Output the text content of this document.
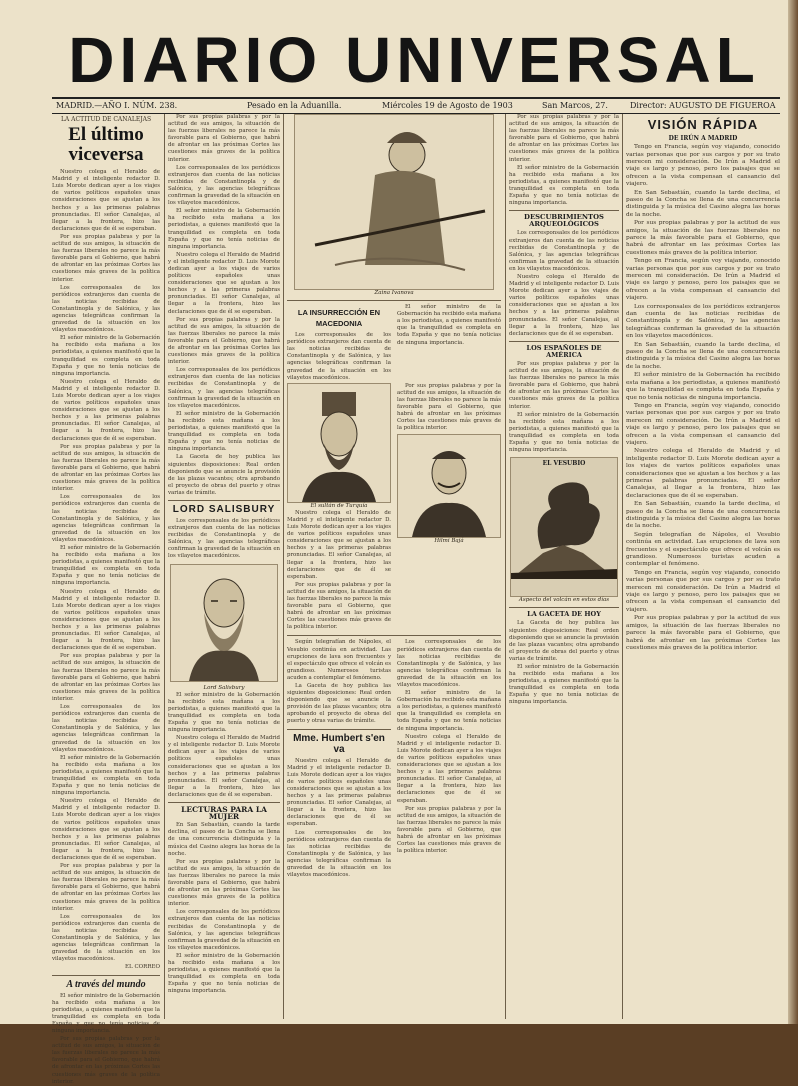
DIARIO UNIVERSAL
MADRID.—AÑO I. NÚM. 238.	Pesado en la Aduanilla.	Miércoles 19 de Agosto de 1903	San Marcos, 27.	Director: AUGUSTO DE FIGUEROA
LA ACTITUD DE CANALEJAS
El último viceversa

Nuestro colega el Heraldo de Madrid y el inteligente redactor D. Luis Morote dedican ayer a los viajes de varios políticos españoles unas consideraciones que se ajustan a los hechos y a las primeras palabras pronunciadas. El señor Canalejas, al llegar a la frontera, hizo las declaraciones que de él se esperaban.

Por sus propias palabras y por la actitud de sus amigos, la situación de las fuerzas liberales no parece la más favorable para el Gobierno, que habrá de afrontar en las próximas Cortes las cuestiones más graves de la política interior.

Los corresponsales de los periódicos extranjeros dan cuenta de las noticias recibidas de Constantinopla y de Salónica, y las agencias telegráficas confirman la gravedad de la situación en los vilayetos macedónicos.

El señor ministro de la Gobernación ha recibido esta mañana a los periodistas, a quienes manifestó que la tranquilidad es completa en toda España y que no tenía noticias de ninguna importancia.

Nuestro colega el Heraldo de Madrid y el inteligente redactor D. Luis Morote dedican ayer a los viajes de varios políticos españoles unas consideraciones que se ajustan a los hechos y a las primeras palabras pronunciadas. El señor Canalejas, al llegar a la frontera, hizo las declaraciones que de él se esperaban.

Por sus propias palabras y por la actitud de sus amigos, la situación de las fuerzas liberales no parece la más favorable para el Gobierno, que habrá de afrontar en las próximas Cortes las cuestiones más graves de la política interior.

Los corresponsales de los periódicos extranjeros dan cuenta de las noticias recibidas de Constantinopla y de Salónica, y las agencias telegráficas confirman la gravedad de la situación en los vilayetos macedónicos.

El señor ministro de la Gobernación ha recibido esta mañana a los periodistas, a quienes manifestó que la tranquilidad es completa en toda España y que no tenía noticias de ninguna importancia.

Nuestro colega el Heraldo de Madrid y el inteligente redactor D. Luis Morote dedican ayer a los viajes de varios políticos españoles unas consideraciones que se ajustan a los hechos y a las primeras palabras pronunciadas. El señor Canalejas, al llegar a la frontera, hizo las declaraciones que de él se esperaban.

Por sus propias palabras y por la actitud de sus amigos, la situación de las fuerzas liberales no parece la más favorable para el Gobierno, que habrá de afrontar en las próximas Cortes las cuestiones más graves de la política interior.

Los corresponsales de los periódicos extranjeros dan cuenta de las noticias recibidas de Constantinopla y de Salónica, y las agencias telegráficas confirman la gravedad de la situación en los vilayetos macedónicos.

El señor ministro de la Gobernación ha recibido esta mañana a los periodistas, a quienes manifestó que la tranquilidad es completa en toda España y que no tenía noticias de ninguna importancia.

Nuestro colega el Heraldo de Madrid y el inteligente redactor D. Luis Morote dedican ayer a los viajes de varios políticos españoles unas consideraciones que se ajustan a los hechos y a las primeras palabras pronunciadas. El señor Canalejas, al llegar a la frontera, hizo las declaraciones que de él se esperaban.

Por sus propias palabras y por la actitud de sus amigos, la situación de las fuerzas liberales no parece la más favorable para el Gobierno, que habrá de afrontar en las próximas Cortes las cuestiones más graves de la política interior.

Los corresponsales de los periódicos extranjeros dan cuenta de las noticias recibidas de Constantinopla y de Salónica, y las agencias telegráficas confirman la gravedad de la situación en los vilayetos macedónicos.

EL CORREO
A través del mundo

El señor ministro de la Gobernación ha recibido esta mañana a los periodistas, a quienes manifestó que la tranquilidad es completa en toda España y que no tenía noticias de ninguna importancia.

Por sus propias palabras y por la actitud de sus amigos, la situación de las fuerzas liberales no parece la más favorable para el Gobierno, que habrá de afrontar en las próximas Cortes las cuestiones más graves de la política interior.

Por sus propias palabras y por la actitud de sus amigos, la situación de las fuerzas liberales no parece la más favorable para el Gobierno, que habrá de afrontar en las próximas Cortes las cuestiones más graves de la política interior.

Los corresponsales de los periódicos extranjeros dan cuenta de las noticias recibidas de Constantinopla y de Salónica, y las agencias telegráficas confirman la gravedad de la situación en los vilayetos macedónicos.

El señor ministro de la Gobernación ha recibido esta mañana a los periodistas, a quienes manifestó que la tranquilidad es completa en toda España y que no tenía noticias de ninguna importancia.

Nuestro colega el Heraldo de Madrid y el inteligente redactor D. Luis Morote dedican ayer a los viajes de varios políticos españoles unas consideraciones que se ajustan a los hechos y a las primeras palabras pronunciadas. El señor Canalejas, al llegar a la frontera, hizo las declaraciones que de él se esperaban.

Por sus propias palabras y por la actitud de sus amigos, la situación de las fuerzas liberales no parece la más favorable para el Gobierno, que habrá de afrontar en las próximas Cortes las cuestiones más graves de la política interior.

Los corresponsales de los periódicos extranjeros dan cuenta de las noticias recibidas de Constantinopla y de Salónica, y las agencias telegráficas confirman la gravedad de la situación en los vilayetos macedónicos.

El señor ministro de la Gobernación ha recibido esta mañana a los periodistas, a quienes manifestó que la tranquilidad es completa en toda España y que no tenía noticias de ninguna importancia.

La Gaceta de hoy publica las siguientes disposiciones: Real orden disponiendo que se anuncie la provisión de las plazas vacantes; otra aprobando el proyecto de obras del puerto y otras varias de trámite.

LORD SALISBURY

Los corresponsales de los periódicos extranjeros dan cuenta de las noticias recibidas de Constantinopla y de Salónica, y las agencias telegráficas confirman la gravedad de la situación en los vilayetos macedónicos.

Lord Salisbury

El señor ministro de la Gobernación ha recibido esta mañana a los periodistas, a quienes manifestó que la tranquilidad es completa en toda España y que no tenía noticias de ninguna importancia.

Nuestro colega el Heraldo de Madrid y el inteligente redactor D. Luis Morote dedican ayer a los viajes de varios políticos españoles unas consideraciones que se ajustan a los hechos y a las primeras palabras pronunciadas. El señor Canalejas, al llegar a la frontera, hizo las declaraciones que de él se esperaban.

LECTURAS PARA LA MUJER

En San Sebastián, cuando la tarde declina, el paseo de la Concha se llena de una concurrencia distinguida y la música del Casino alegra las horas de la noche.

Por sus propias palabras y por la actitud de sus amigos, la situación de las fuerzas liberales no parece la más favorable para el Gobierno, que habrá de afrontar en las próximas Cortes las cuestiones más graves de la política interior.

Los corresponsales de los periódicos extranjeros dan cuenta de las noticias recibidas de Constantinopla y de Salónica, y las agencias telegráficas confirman la gravedad de la situación en los vilayetos macedónicos.

El señor ministro de la Gobernación ha recibido esta mañana a los periodistas, a quienes manifestó que la tranquilidad es completa en toda España y que no tenía noticias de ninguna importancia.

Zaina Ivanova
LA INSURRECCIÓN EN MACEDONIA

Los corresponsales de los periódicos extranjeros dan cuenta de las noticias recibidas de Constantinopla y de Salónica, y las agencias telegráficas confirman la gravedad de la situación en los vilayetos macedónicos.

El señor ministro de la Gobernación ha recibido esta mañana a los periodistas, a quienes manifestó que la tranquilidad es completa en toda España y que no tenía noticias de ninguna importancia.

El sultán de Turquía

Nuestro colega el Heraldo de Madrid y el inteligente redactor D. Luis Morote dedican ayer a los viajes de varios políticos españoles unas consideraciones que se ajustan a los hechos y a las primeras palabras pronunciadas. El señor Canalejas, al llegar a la frontera, hizo las declaraciones que de él se esperaban.

Por sus propias palabras y por la actitud de sus amigos, la situación de las fuerzas liberales no parece la más favorable para el Gobierno, que habrá de afrontar en las próximas Cortes las cuestiones más graves de la política interior.

Por sus propias palabras y por la actitud de sus amigos, la situación de las fuerzas liberales no parece la más favorable para el Gobierno, que habrá de afrontar en las próximas Cortes las cuestiones más graves de la política interior.

Hilmi Bajá

Según telegrafían de Nápoles, el Vesubio continúa en actividad. Las erupciones de lava son frecuentes y el espectáculo que ofrece el volcán es grandioso. Numerosos turistas acuden a contemplar el fenómeno.

La Gaceta de hoy publica las siguientes disposiciones: Real orden disponiendo que se anuncie la provisión de las plazas vacantes; otra aprobando el proyecto de obras del puerto y otras varias de trámite.

Mme. Humbert s'en va

Nuestro colega el Heraldo de Madrid y el inteligente redactor D. Luis Morote dedican ayer a los viajes de varios políticos españoles unas consideraciones que se ajustan a los hechos y a las primeras palabras pronunciadas. El señor Canalejas, al llegar a la frontera, hizo las declaraciones que de él se esperaban.

Los corresponsales de los periódicos extranjeros dan cuenta de las noticias recibidas de Constantinopla y de Salónica, y las agencias telegráficas confirman la gravedad de la situación en los vilayetos macedónicos.

Los corresponsales de los periódicos extranjeros dan cuenta de las noticias recibidas de Constantinopla y de Salónica, y las agencias telegráficas confirman la gravedad de la situación en los vilayetos macedónicos.

El señor ministro de la Gobernación ha recibido esta mañana a los periodistas, a quienes manifestó que la tranquilidad es completa en toda España y que no tenía noticias de ninguna importancia.

Nuestro colega el Heraldo de Madrid y el inteligente redactor D. Luis Morote dedican ayer a los viajes de varios políticos españoles unas consideraciones que se ajustan a los hechos y a las primeras palabras pronunciadas. El señor Canalejas, al llegar a la frontera, hizo las declaraciones que de él se esperaban.

Por sus propias palabras y por la actitud de sus amigos, la situación de las fuerzas liberales no parece la más favorable para el Gobierno, que habrá de afrontar en las próximas Cortes las cuestiones más graves de la política interior.

Por sus propias palabras y por la actitud de sus amigos, la situación de las fuerzas liberales no parece la más favorable para el Gobierno, que habrá de afrontar en las próximas Cortes las cuestiones más graves de la política interior.

El señor ministro de la Gobernación ha recibido esta mañana a los periodistas, a quienes manifestó que la tranquilidad es completa en toda España y que no tenía noticias de ninguna importancia.

DESCUBRIMIENTOS ARQUEOLÓGICOS

Los corresponsales de los periódicos extranjeros dan cuenta de las noticias recibidas de Constantinopla y de Salónica, y las agencias telegráficas confirman la gravedad de la situación en los vilayetos macedónicos.

Nuestro colega el Heraldo de Madrid y el inteligente redactor D. Luis Morote dedican ayer a los viajes de varios políticos españoles unas consideraciones que se ajustan a los hechos y a las primeras palabras pronunciadas. El señor Canalejas, al llegar a la frontera, hizo las declaraciones que de él se esperaban.

LOS ESPAÑOLES DE AMÉRICA

Por sus propias palabras y por la actitud de sus amigos, la situación de las fuerzas liberales no parece la más favorable para el Gobierno, que habrá de afrontar en las próximas Cortes las cuestiones más graves de la política interior.

El señor ministro de la Gobernación ha recibido esta mañana a los periodistas, a quienes manifestó que la tranquilidad es completa en toda España y que no tenía noticias de ninguna importancia.

EL VESUBIO
Aspecto del volcán en estos días
LA GACETA DE HOY

La Gaceta de hoy publica las siguientes disposiciones: Real orden disponiendo que se anuncie la provisión de las plazas vacantes; otra aprobando el proyecto de obras del puerto y otras varias de trámite.

El señor ministro de la Gobernación ha recibido esta mañana a los periodistas, a quienes manifestó que la tranquilidad es completa en toda España y que no tenía noticias de ninguna importancia.

VISIÓN RÁPIDA
DE IRÚN A MADRID

Tengo en Francia, según voy viajando, conocido varias personas que por sus cargos y por su trato merecen mi consideración. De Irún a Madrid el viaje es largo y penoso, pero los paisajes que se ofrecen a la vista compensan el cansancio del viajero.

En San Sebastián, cuando la tarde declina, el paseo de la Concha se llena de una concurrencia distinguida y la música del Casino alegra las horas de la noche.

Por sus propias palabras y por la actitud de sus amigos, la situación de las fuerzas liberales no parece la más favorable para el Gobierno, que habrá de afrontar en las próximas Cortes las cuestiones más graves de la política interior.

Tengo en Francia, según voy viajando, conocido varias personas que por sus cargos y por su trato merecen mi consideración. De Irún a Madrid el viaje es largo y penoso, pero los paisajes que se ofrecen a la vista compensan el cansancio del viajero.

Los corresponsales de los periódicos extranjeros dan cuenta de las noticias recibidas de Constantinopla y de Salónica, y las agencias telegráficas confirman la gravedad de la situación en los vilayetos macedónicos.

En San Sebastián, cuando la tarde declina, el paseo de la Concha se llena de una concurrencia distinguida y la música del Casino alegra las horas de la noche.

El señor ministro de la Gobernación ha recibido esta mañana a los periodistas, a quienes manifestó que la tranquilidad es completa en toda España y que no tenía noticias de ninguna importancia.

Tengo en Francia, según voy viajando, conocido varias personas que por sus cargos y por su trato merecen mi consideración. De Irún a Madrid el viaje es largo y penoso, pero los paisajes que se ofrecen a la vista compensan el cansancio del viajero.

Nuestro colega el Heraldo de Madrid y el inteligente redactor D. Luis Morote dedican ayer a los viajes de varios políticos españoles unas consideraciones que se ajustan a los hechos y a las primeras palabras pronunciadas. El señor Canalejas, al llegar a la frontera, hizo las declaraciones que de él se esperaban.

En San Sebastián, cuando la tarde declina, el paseo de la Concha se llena de una concurrencia distinguida y la música del Casino alegra las horas de la noche.

Según telegrafían de Nápoles, el Vesubio continúa en actividad. Las erupciones de lava son frecuentes y el espectáculo que ofrece el volcán es grandioso. Numerosos turistas acuden a contemplar el fenómeno.

Tengo en Francia, según voy viajando, conocido varias personas que por sus cargos y por su trato merecen mi consideración. De Irún a Madrid el viaje es largo y penoso, pero los paisajes que se ofrecen a la vista compensan el cansancio del viajero.

Por sus propias palabras y por la actitud de sus amigos, la situación de las fuerzas liberales no parece la más favorable para el Gobierno, que habrá de afrontar en las próximas Cortes las cuestiones más graves de la política interior.
